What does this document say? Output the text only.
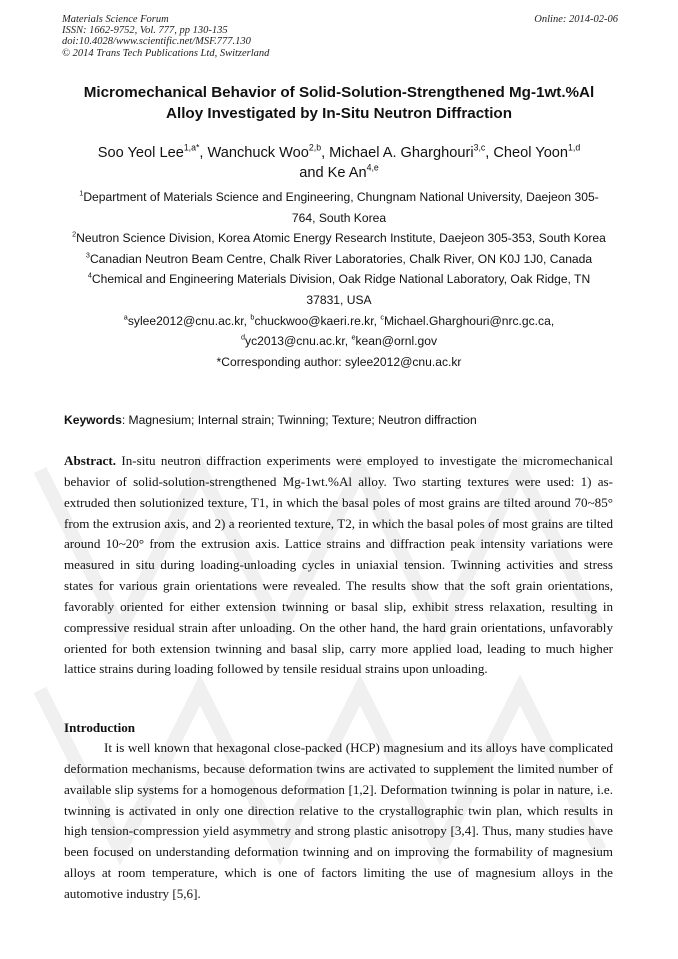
Materials Science Forum
ISSN: 1662-9752, Vol. 777, pp 130-135
doi:10.4028/www.scientific.net/MSF.777.130
© 2014 Trans Tech Publications Ltd, Switzerland
Online: 2014-02-06
Micromechanical Behavior of Solid-Solution-Strengthened Mg-1wt.%Al
Alloy Investigated by In-Situ Neutron Diffraction
Soo Yeol Lee$^{1,a*}$, Wanchuck Woo$^{2,b}$, Michael A. Gharghouri$^{3,c}$, Cheol Yoon$^{1,d}$
and Ke An$^{4,e}$
$^1$Department of Materials Science and Engineering, Chungnam National University, Daejeon 305-764, South Korea
$^2$Neutron Science Division, Korea Atomic Energy Research Institute, Daejeon 305-353, South Korea
$^3$Canadian Neutron Beam Centre, Chalk River Laboratories, Chalk River, ON K0J 1J0, Canada
$^4$Chemical and Engineering Materials Division, Oak Ridge National Laboratory, Oak Ridge, TN 37831, USA
$^a$sylee2012@cnu.ac.kr, $^b$chuckwoo@kaeri.re.kr, $^c$Michael.Gharghouri@nrc.gc.ca,
$^d$yc2013@cnu.ac.kr, $^e$kean@ornl.gov
*Corresponding author: sylee2012@cnu.ac.kr
Keywords: Magnesium; Internal strain; Twinning; Texture; Neutron diffraction
Abstract. In-situ neutron diffraction experiments were employed to investigate the micromechanical behavior of solid-solution-strengthened Mg-1wt.%Al alloy. Two starting textures were used: 1) as-extruded then solutionized texture, T1, in which the basal poles of most grains are tilted around 70~85° from the extrusion axis, and 2) a reoriented texture, T2, in which the basal poles of most grains are tilted around 10~20° from the extrusion axis. Lattice strains and diffraction peak intensity variations were measured in situ during loading-unloading cycles in uniaxial tension. Twinning activities and stress states for various grain orientations were revealed. The results show that the soft grain orientations, favorably oriented for either extension twinning or basal slip, exhibit stress relaxation, resulting in compressive residual strain after unloading. On the other hand, the hard grain orientations, unfavorably oriented for both extension twinning and basal slip, carry more applied load, leading to much higher lattice strains during loading followed by tensile residual strains upon unloading.
Introduction
It is well known that hexagonal close-packed (HCP) magnesium and its alloys have complicated deformation mechanisms, because deformation twins are activated to supplement the limited number of available slip systems for a homogenous deformation [1,2]. Deformation twinning is polar in nature, i.e. twinning is activated in only one direction relative to the crystallographic twin plan, which results in high tension-compression yield asymmetry and strong plastic anisotropy [3,4]. Thus, many studies have been focused on understanding deformation twinning and on improving the formability of magnesium alloys at room temperature, which is one of factors limiting the use of magnesium alloys in the automotive industry [5,6].
